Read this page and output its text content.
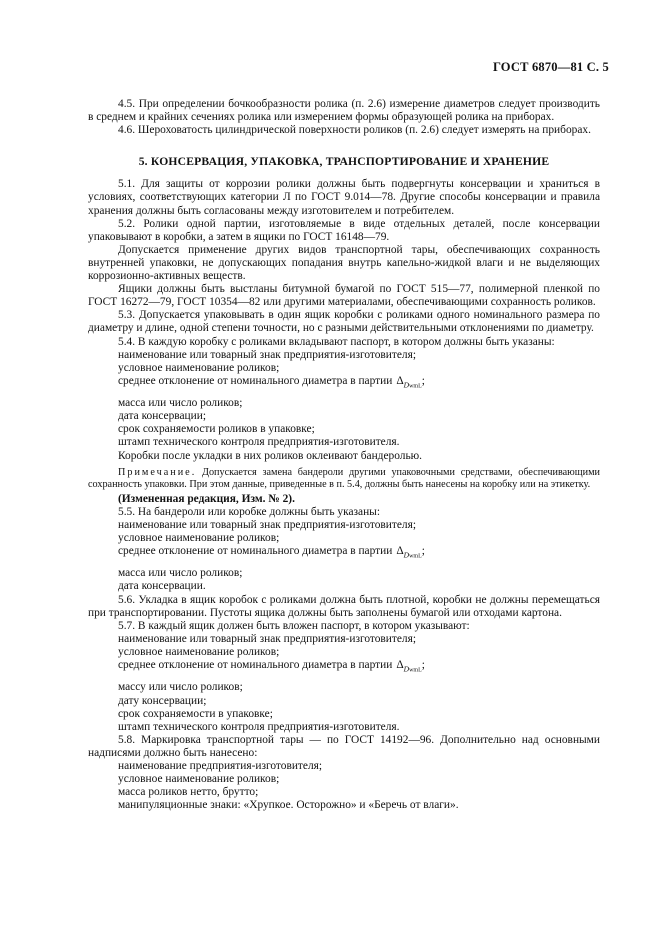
ГОСТ 6870—81 С. 5

4.5. При определении бочкообразности ролика (п. 2.6) измерение диаметров следует производить в среднем и крайних сечениях ролика или измерением формы образующей ролика на приборах.

4.6. Шероховатость цилиндрической поверхности роликов (п. 2.6) следует измерять на приборах.

5. КОНСЕРВАЦИЯ, УПАКОВКА, ТРАНСПОРТИРОВАНИЕ И ХРАНЕНИЕ

5.1. Для защиты от коррозии ролики должны быть подвергнуты консервации и храниться в условиях, соответствующих категории Л по ГОСТ 9.014—78. Другие способы консервации и правила хранения должны быть согласованы между изготовителем и потребителем.

5.2. Ролики одной партии, изготовляемые в виде отдельных деталей, после консервации упаковывают в коробки, а затем в ящики по ГОСТ 16148—79.

Допускается применение других видов транспортной тары, обеспечивающих сохранность внутренней упаковки, не допускающих попадания внутрь капельно-жидкой влаги и не выделяющих коррозионно-активных веществ.

Ящики должны быть выстланы битумной бумагой по ГОСТ 515—77, полимерной пленкой по ГОСТ 16272—79, ГОСТ 10354—82 или другими материалами, обеспечивающими сохранность роликов.

5.3. Допускается упаковывать в один ящик коробки с роликами одного номинального размера по диаметру и длине, одной степени точности, но с разными действительными отклонениями по диаметру.

5.4. В каждую коробку с роликами вкладывают паспорт, в котором должны быть указаны:

наименование или товарный знак предприятия-изготовителя;

условное наименование роликов;

среднее отклонение от номинального диаметра в партии $\Delta_{DwmL}$;

масса или число роликов;

дата консервации;

срок сохраняемости роликов в упаковке;

штамп технического контроля предприятия-изготовителя.

Коробки после укладки в них роликов оклеивают бандеролью.

Примечание. Допускается замена бандероли другими упаковочными средствами, обеспечивающими сохранность упаковки. При этом данные, приведенные в п. 5.4, должны быть нанесены на коробку или на этикетку.

(Измененная редакция, Изм. № 2).

5.5. На бандероли или коробке должны быть указаны:

наименование или товарный знак предприятия-изготовителя;

условное наименование роликов;

среднее отклонение от номинального диаметра в партии $\Delta_{DwmL}$;

масса или число роликов;

дата консервации.

5.6. Укладка в ящик коробок с роликами должна быть плотной, коробки не должны перемещаться при транспортировании. Пустоты ящика должны быть заполнены бумагой или отходами картона.

5.7. В каждый ящик должен быть вложен паспорт, в котором указывают:

наименование или товарный знак предприятия-изготовителя;

условное наименование роликов;

среднее отклонение от номинального диаметра в партии $\Delta_{DwmL}$;

массу или число роликов;

дату консервации;

срок сохраняемости в упаковке;

штамп технического контроля предприятия-изготовителя.

5.8. Маркировка транспортной тары — по ГОСТ 14192—96. Дополнительно над основными надписями должно быть нанесено:

наименование предприятия-изготовителя;

условное наименование роликов;

масса роликов нетто, брутто;

манипуляционные знаки: «Хрупкое. Осторожно» и «Беречь от влаги».
